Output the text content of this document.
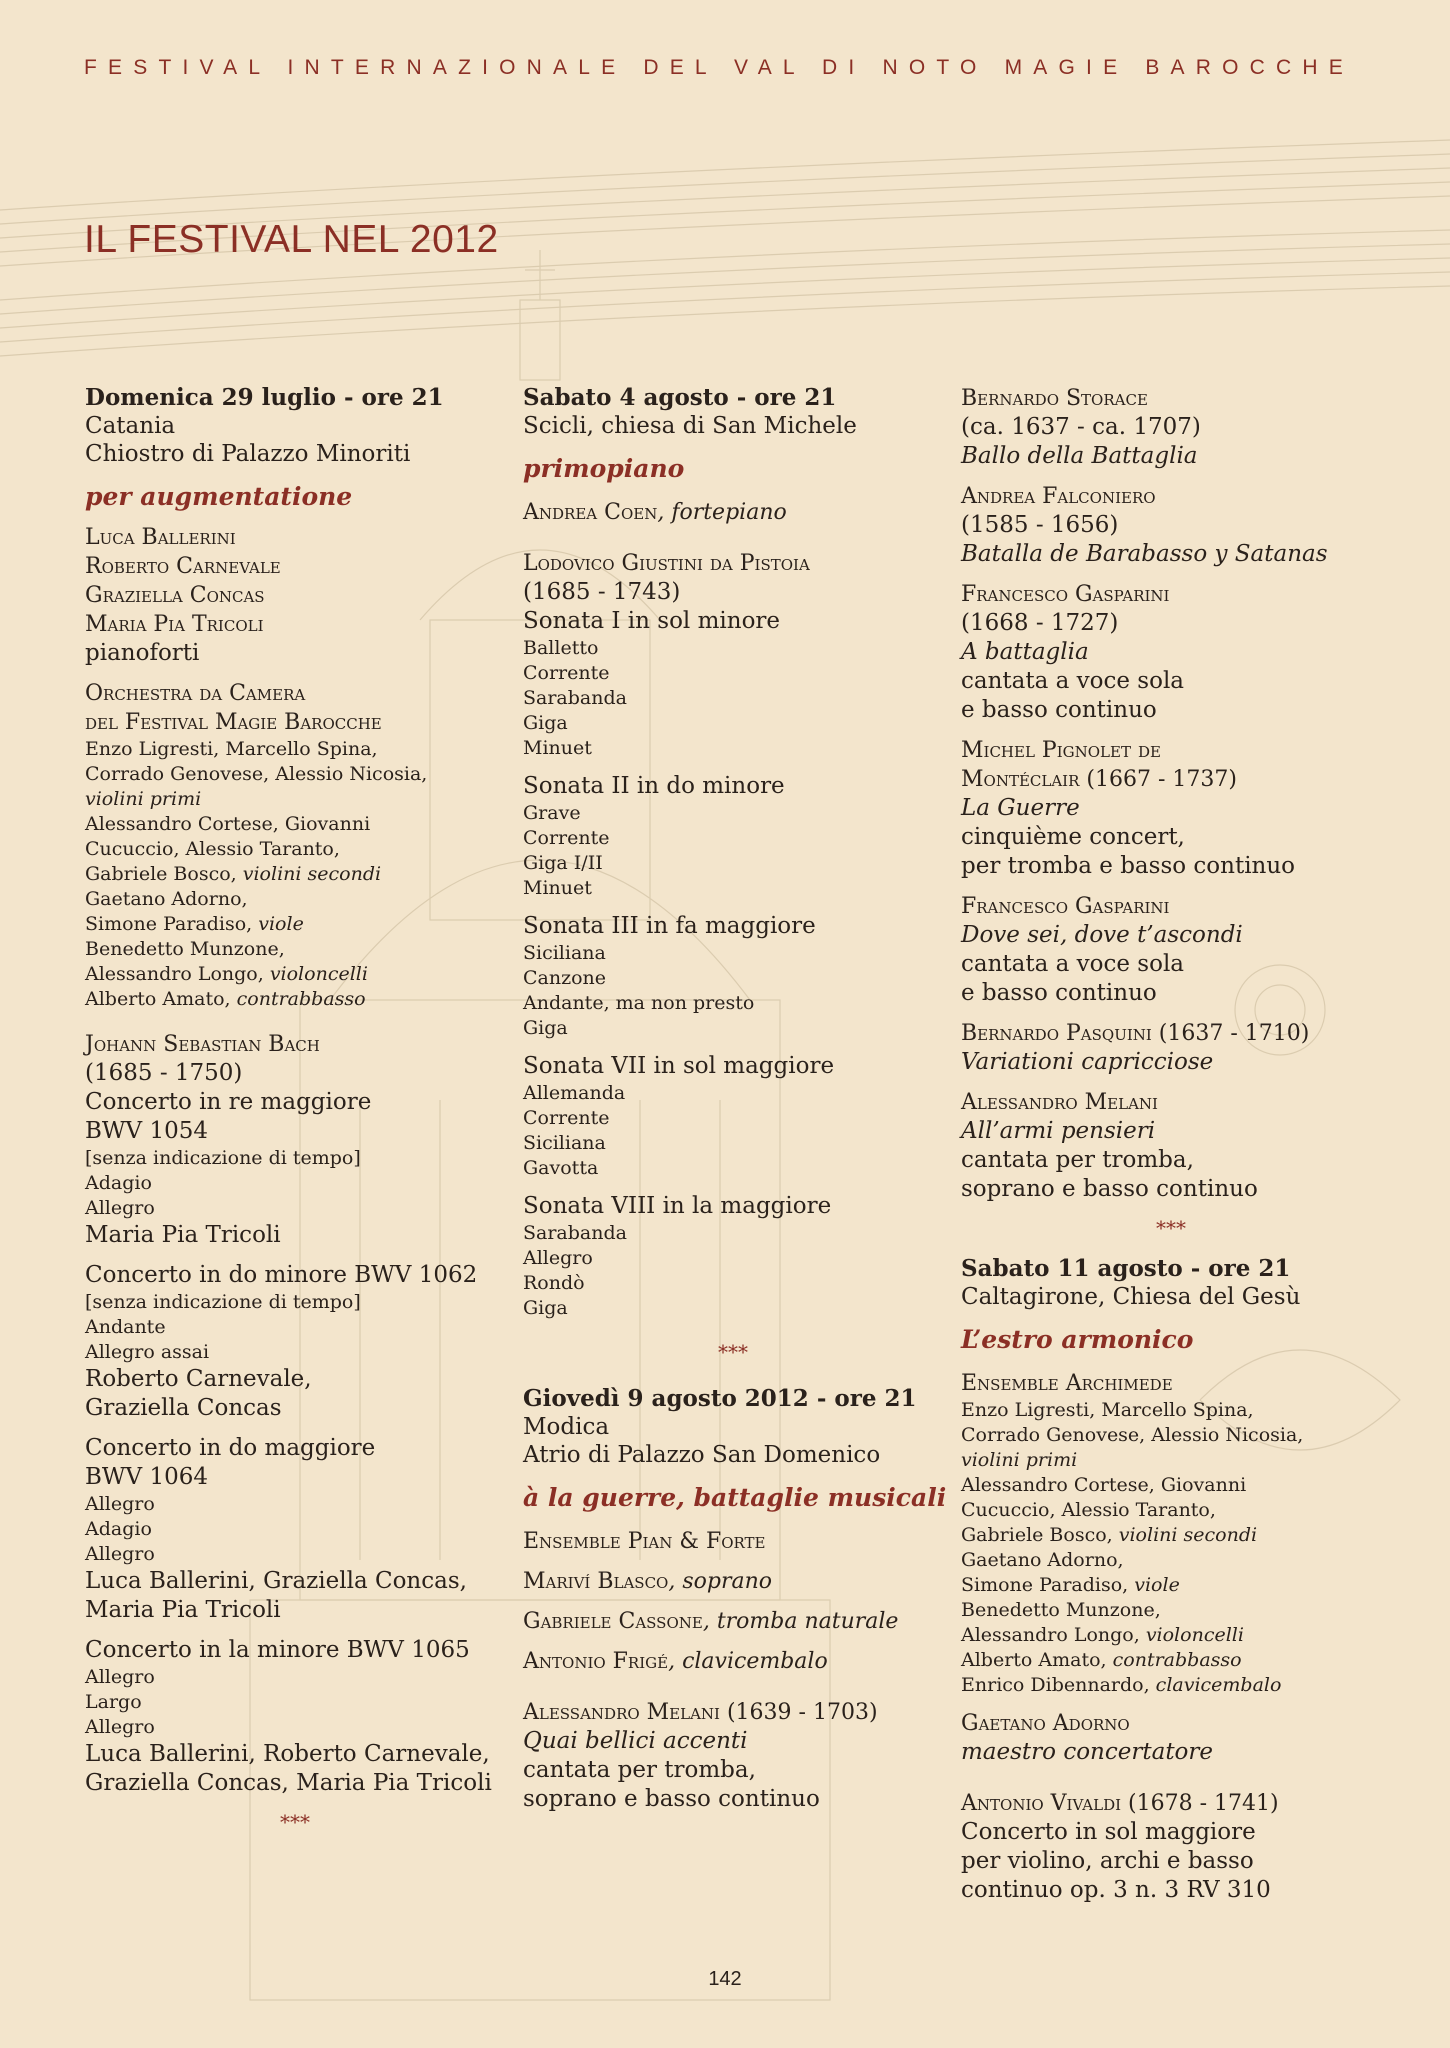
FESTIVAL INTERNAZIONALE DEL VAL DI NOTO MAGIE BAROCCHE
IL FESTIVAL NEL 2012
Domenica 29 luglio - ore 21
Catania
Chiostro di Palazzo Minoriti
per augmentatione
Luca Ballerini
Roberto Carnevale
Graziella Concas
Maria Pia Tricoli
pianoforti
Orchestra da Camera
del Festival Magie Barocche
Enzo Ligresti, Marcello Spina,
Corrado Genovese, Alessio Nicosia,
violini primi
Alessandro Cortese, Giovanni
Cucuccio, Alessio Taranto,
Gabriele Bosco, violini secondi
Gaetano Adorno,
Simone Paradiso, viole
Benedetto Munzone,
Alessandro Longo, violoncelli
Alberto Amato, contrabbasso
Johann Sebastian Bach
(1685 - 1750)
Concerto in re maggiore
BWV 1054
[senza indicazione di tempo]
Adagio
Allegro
Maria Pia Tricoli
Concerto in do minore BWV 1062
[senza indicazione di tempo]
Andante
Allegro assai
Roberto Carnevale,
Graziella Concas
Concerto in do maggiore
BWV 1064
Allegro
Adagio
Allegro
Luca Ballerini, Graziella Concas,
Maria Pia Tricoli
Concerto in la minore BWV 1065
Allegro
Largo
Allegro
Luca Ballerini, Roberto Carnevale,
Graziella Concas, Maria Pia Tricoli
***
Sabato 4 agosto - ore 21
Scicli, chiesa di San Michele
primopiano
Andrea Coen, fortepiano
Lodovico Giustini da Pistoia
(1685 - 1743)
Sonata I in sol minore
Balletto
Corrente
Sarabanda
Giga
Minuet
Sonata II in do minore
Grave
Corrente
Giga I/II
Minuet
Sonata III in fa maggiore
Siciliana
Canzone
Andante, ma non presto
Giga
Sonata VII in sol maggiore
Allemanda
Corrente
Siciliana
Gavotta
Sonata VIII in la maggiore
Sarabanda
Allegro
Rondò
Giga
***
Giovedì 9 agosto 2012 - ore 21
Modica
Atrio di Palazzo San Domenico
à la guerre, battaglie musicali
Ensemble Pian & Forte
Mariví Blasco, soprano
Gabriele Cassone, tromba naturale
Antonio Frigé, clavicembalo
Alessandro Melani (1639 - 1703)
Quai bellici accenti
cantata per tromba,
soprano e basso continuo
Bernardo Storace
(ca. 1637 - ca. 1707)
Ballo della Battaglia
Andrea Falconiero
(1585 - 1656)
Batalla de Barabasso y Satanas
Francesco Gasparini
(1668 - 1727)
A battaglia
cantata a voce sola
e basso continuo
Michel Pignolet de
Montéclair (1667 - 1737)
La Guerre
cinquième concert,
per tromba e basso continuo
Francesco Gasparini
Dove sei, dove t’ascondi
cantata a voce sola
e basso continuo
Bernardo Pasquini (1637 - 1710)
Variationi capricciose
Alessandro Melani
All’armi pensieri
cantata per tromba,
soprano e basso continuo
***
Sabato 11 agosto - ore 21
Caltagirone, Chiesa del Gesù
L’estro armonico
Ensemble Archimede
Enzo Ligresti, Marcello Spina,
Corrado Genovese, Alessio Nicosia,
violini primi
Alessandro Cortese, Giovanni
Cucuccio, Alessio Taranto,
Gabriele Bosco, violini secondi
Gaetano Adorno,
Simone Paradiso, viole
Benedetto Munzone,
Alessandro Longo, violoncelli
Alberto Amato, contrabbasso
Enrico Dibennardo, clavicembalo
Gaetano Adorno
maestro concertatore
Antonio Vivaldi (1678 - 1741)
Concerto in sol maggiore
per violino, archi e basso
continuo op. 3 n. 3 RV 310
142
